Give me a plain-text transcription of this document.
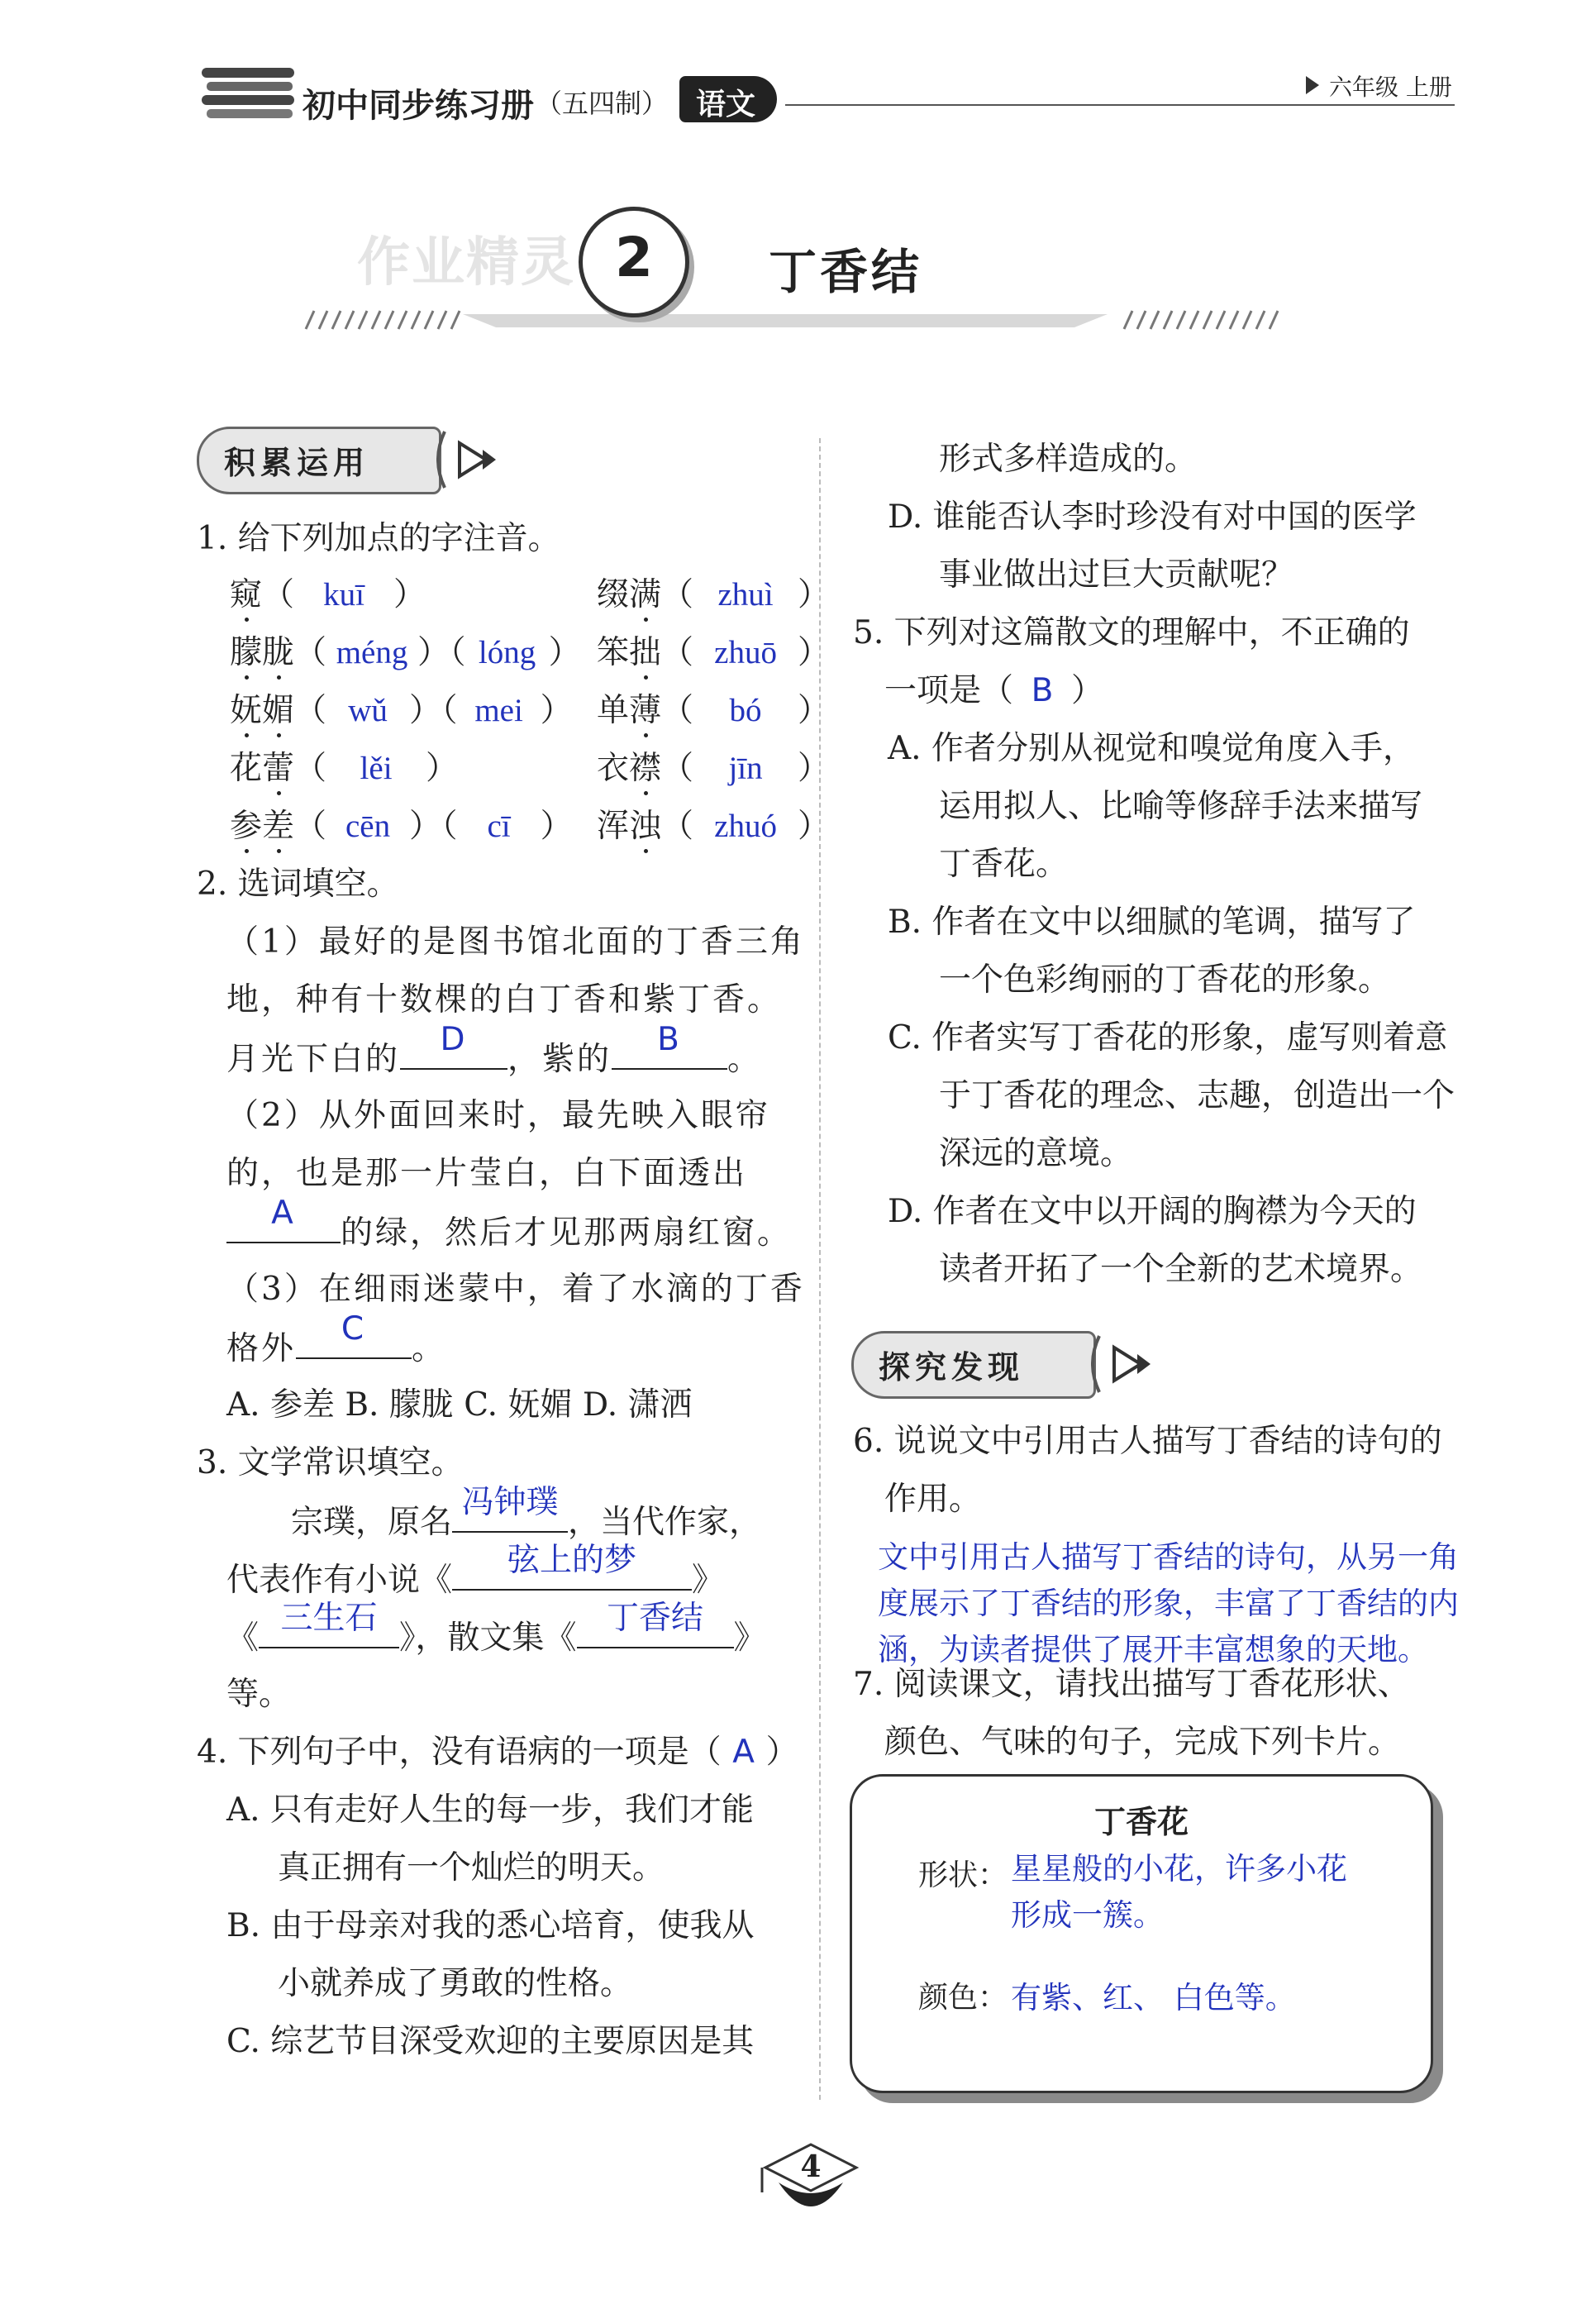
初中同步练习册 （五四制） 语文	六年级 上册
作业精灵 2	丁香结
积累运用
1. 给下列加点的字注音。
窥（ kuī ）	缀满（ zhuì ）
朦胧（ méng ）（ lóng ） 笨拙（ zhuō ）
妩媚（ wǔ ）（ mei ） 单薄（ bó ）
花蕾（ lěi ）	衣襟（ jīn ）
参差（ cēn ）（ cī ） 浑浊（ zhuó ）
2. 选词填空。
（1）最好的是图书馆北面的丁香三角
地，种有十数棵的白丁香和紫丁香。
月光下白的
D
，紫的
B
。
（2）从外面回来时，最先映入眼帘
的，也是那一片莹白，白下面透出
A
的绿，然后才见那两扇红窗。
（3）在细雨迷蒙中，着了水滴的丁香
格外
C
。
A. 参差 B. 朦胧 C. 妩媚 D. 潇洒
3. 文学常识填空。
宗璞，原名
冯钟璞
，当代作家，
代表作有小说《
弦上的梦
》
《
三生石
》，散文集《
丁香结
》
等。
4. 下列句子中，没有语病的一项是（ A ）
A. 只有走好人生的每一步，我们才能
真正拥有一个灿烂的明天。
B. 由于母亲对我的悉心培育，使我从
小就养成了勇敢的性格。
C. 综艺节目深受欢迎的主要原因是其
形式多样造成的。
D. 谁能否认李时珍没有对中国的医学
事业做出过巨大贡献呢？
5. 下列对这篇散文的理解中，不正确的
一项是（ B ）
A. 作者分别从视觉和嗅觉角度入手，
运用拟人、比喻等修辞手法来描写
丁香花。
B. 作者在文中以细腻的笔调，描写了
一个色彩绚丽的丁香花的形象。
C. 作者实写丁香花的形象，虚写则着意
于丁香花的理念、志趣，创造出一个
深远的意境。
D. 作者在文中以开阔的胸襟为今天的
读者开拓了一个全新的艺术境界。
探究发现
6. 说说文中引用古人描写丁香结的诗句的
作用。
文中引用古人描写丁香结的诗句，从另一角
度展示了丁香结的形象，丰富了丁香结的内
涵，为读者提供了展开丰富想象的天地。
7. 阅读课文，请找出描写丁香花形状、
颜色、气味的句子，完成下列卡片。
丁香花
形状： 星星般的小花，许多小花
形成一簇。
颜色： 有紫、红、 白色等。
4
